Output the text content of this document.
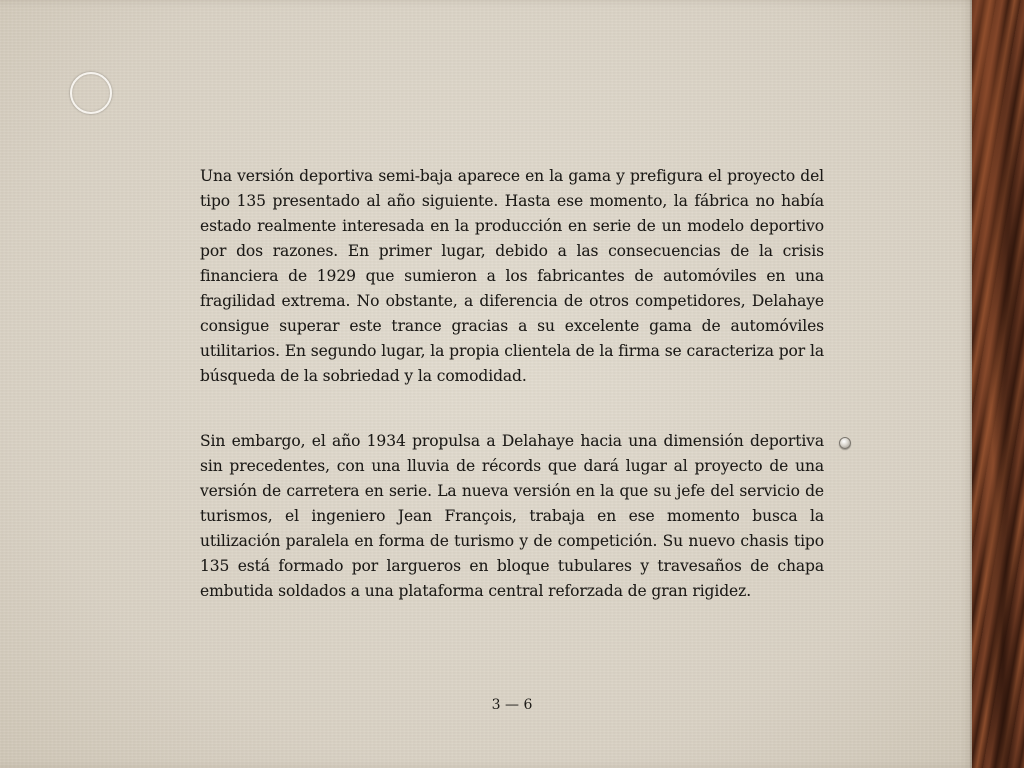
Una versión deportiva semi-baja aparece en la gama y prefigura el proyecto del tipo 135 presentado al año siguiente. Hasta ese momento, la fábrica no había estado realmente interesada en la producción en serie de un modelo deportivo por dos razones. En primer lugar, debido a las consecuencias de la crisis financiera de 1929 que sumieron a los fabricantes de automóviles en una fragilidad extrema. No obstante, a diferencia de otros competidores, Delahaye consigue superar este trance gracias a su excelente gama de automóviles utilitarios. En segundo lugar, la propia clientela de la firma se caracteriza por la búsqueda de la sobriedad y la comodidad.

Sin embargo, el año 1934 propulsa a Delahaye hacia una dimensión deportiva sin precedentes, con una lluvia de récords que dará lugar al proyecto de una versión de carretera en serie. La nueva versión en la que su jefe del servicio de turismos, el ingeniero Jean François, trabaja en ese momento busca la utilización paralela en forma de turismo y de competición. Su nuevo chasis tipo 135 está formado por largueros en bloque tubulares y travesaños de chapa embutida soldados a una plataforma central reforzada de gran rigidez.

3 — 6
